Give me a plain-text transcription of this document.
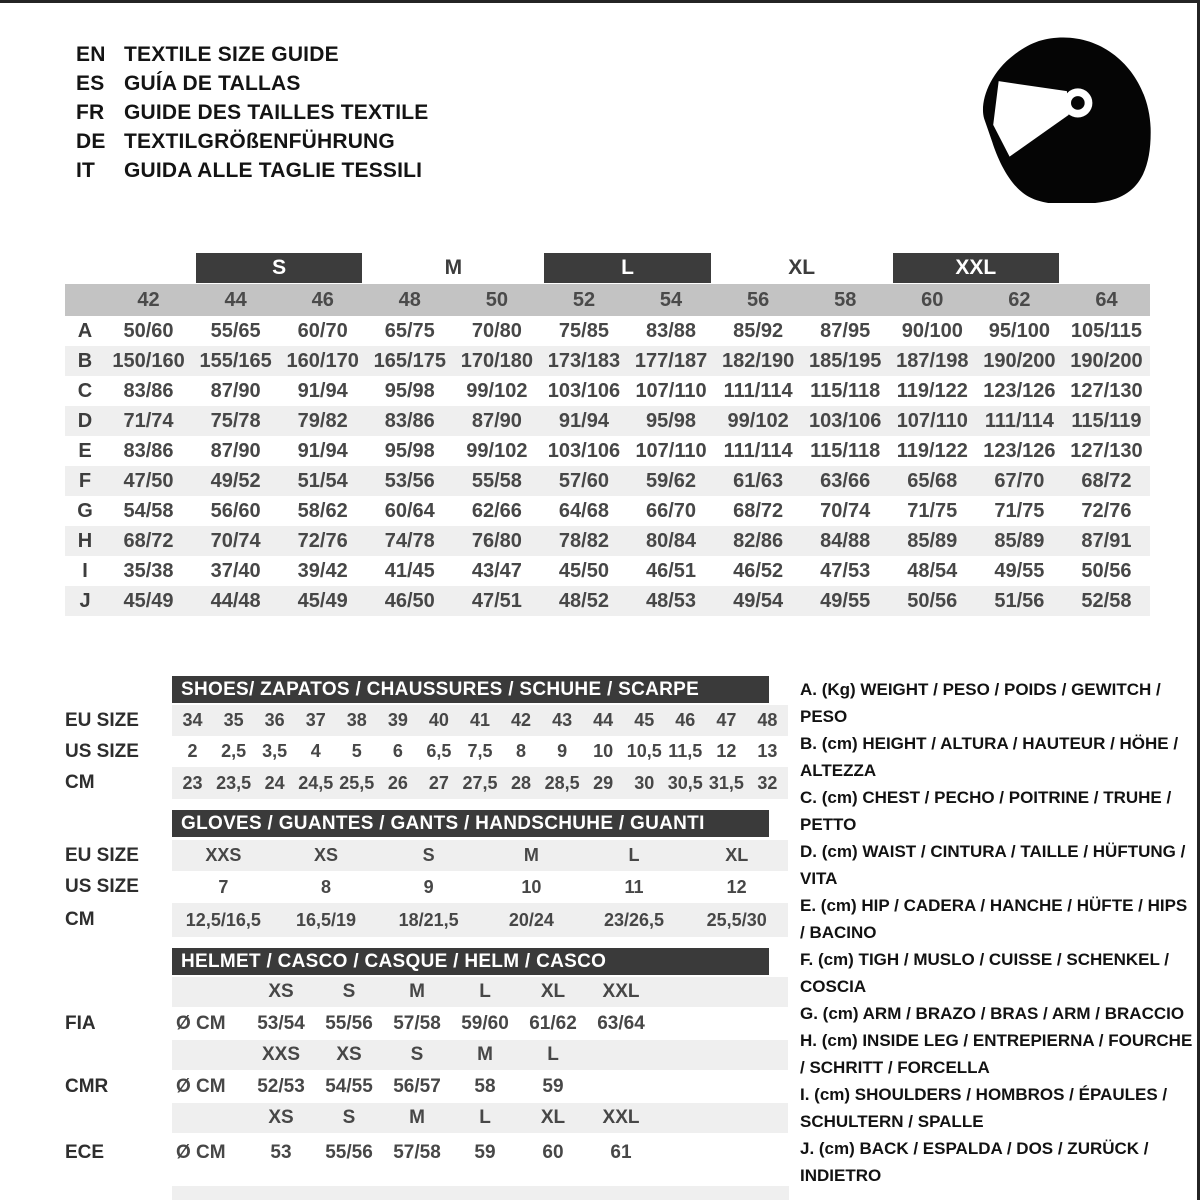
EN TEXTILE SIZE GUIDE
ES GUÍA DE TALLAS
FR GUIDE DES TAILLES TEXTILE
DE TEXTILGRÖßENFÜHRUNG
IT	GUIDA ALLE TAGLIE TESSILI
S	M	L	XL	XXL
42	44	46	48	50	52	54	56	58	60	62	64
A	50/60	55/65	60/70	65/75	70/80	75/85	83/88	85/92	87/95	90/100	95/100	105/115
B	150/160 155/165 160/170 165/175 170/180 173/183 177/187 182/190 185/195 187/198 190/200 190/200
C	83/86	87/90	91/94	95/98	99/102	103/106 107/110 111/114 115/118 119/122 123/126 127/130
D	71/74	75/78	79/82	83/86	87/90	91/94	95/98	99/102	103/106 107/110 111/114 115/119
E	83/86	87/90	91/94	95/98	99/102	103/106 107/110 111/114 115/118 119/122 123/126 127/130
F	47/50	49/52	51/54	53/56	55/58	57/60	59/62	61/63	63/66	65/68	67/70	68/72
G	54/58	56/60	58/62	60/64	62/66	64/68	66/70	68/72	70/74	71/75	71/75	72/76
H	68/72	70/74	72/76	74/78	76/80	78/82	80/84	82/86	84/88	85/89	85/89	87/91
I	35/38	37/40	39/42	41/45	43/47	45/50	46/51	46/52	47/53	48/54	49/55	50/56
J	45/49	44/48	45/49	46/50	47/51	48/52	48/53	49/54	49/55	50/56	51/56	52/58
SHOES/ ZAPATOS / CHAUSSURES / SCHUHE / SCARPE
EU SIZE	34	35	36	37	38	39	40	41	42	43	44	45	46	47	48
US SIZE	2	2,5 3,5	4	5	6	6,5 7,5	8	9	10 10,5 11,5 12	13
CM	23 23,5 24 24,5 25,5 26	27 27,5 28 28,5 29	30 30,5 31,5 32
GLOVES / GUANTES / GANTS / HANDSCHUHE / GUANTI
EU SIZE	XXS	XS	S	M	L	XL
US SIZE	7	8	9	10	11	12
CM	12,5/16,5	16,5/19	18/21,5	20/24	23/26,5	25,5/30
HELMET / CASCO / CASQUE / HELM / CASCO
XS	S	M	L	XL	XXL
FIA	Ø CM	53/54	55/56	57/58	59/60	61/62	63/64
XXS	XS	S	M	L
CMR	Ø CM	52/53	54/55	56/57	58	59
XS	S	M	L	XL	XXL
ECE	Ø CM	53	55/56	57/58	59	60	61

A. (Kg) WEIGHT / PESO / POIDS / GEWITCH / PESO

B. (cm) HEIGHT / ALTURA / HAUTEUR / HÖHE / ALTEZZA

C. (cm) CHEST / PECHO / POITRINE / TRUHE / PETTO

D. (cm) WAIST / CINTURA / TAILLE / HÜFTUNG / VITA

E. (cm) HIP / CADERA / HANCHE / HÜFTE / HIPS / BACINO

F. (cm) TIGH / MUSLO / CUISSE / SCHENKEL / COSCIA

G. (cm) ARM / BRAZO / BRAS / ARM / BRACCIO

H. (cm) INSIDE LEG / ENTREPIERNA / FOURCHE / SCHRITT / FORCELLA

I. (cm) SHOULDERS / HOMBROS / ÉPAULES / SCHULTERN / SPALLE

J. (cm) BACK / ESPALDA / DOS / ZURÜCK / INDIETRO
